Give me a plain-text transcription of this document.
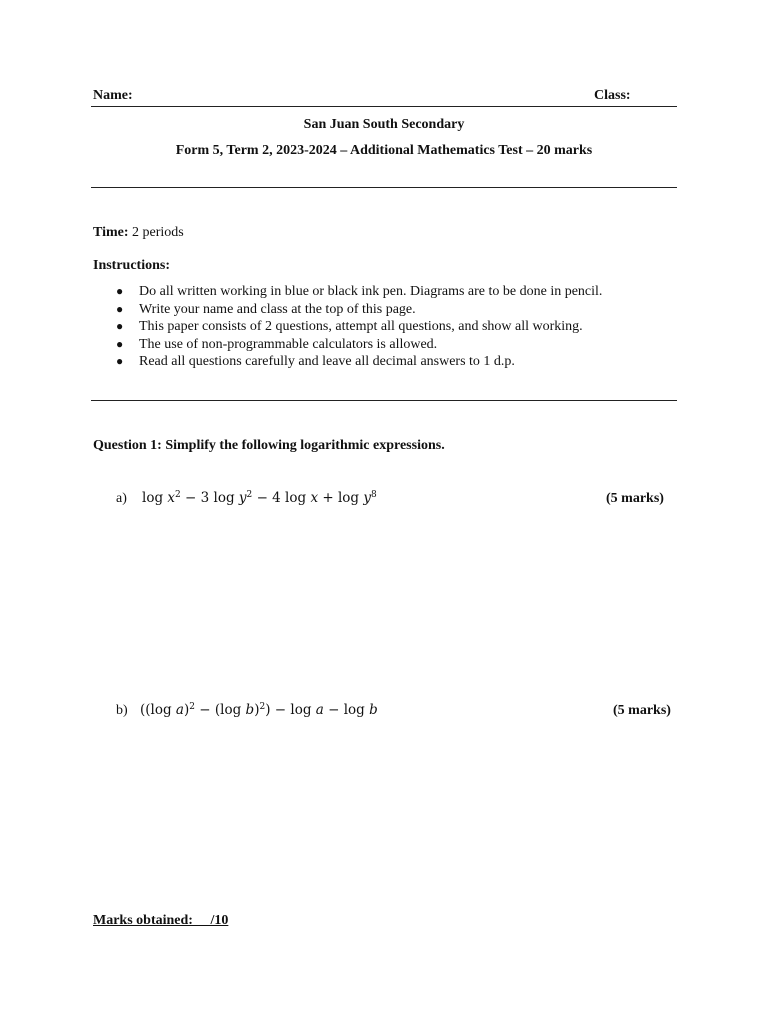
Name:	Class:
San Juan South Secondary
Form 5, Term 2, 2023-2024 – Additional Mathematics Test – 20 marks
Time: 2 periods
Instructions:
● Do all written working in blue or black ink pen. Diagrams are to be done in pencil.
● Write your name and class at the top of this page.
● This paper consists of 2 questions, attempt all questions, and show all working.
● The use of non-programmable calculators is allowed.
● Read all questions carefully and leave all decimal answers to 1 d.p.
Question 1: Simplify the following logarithmic expressions.
a) $\log x^2 - 3$ $\log y^2 - 4$ $\log x + \log y^8$	(5 marks)
b) ((log a)$^2$ − (log b)$^2$) − log a − log b	(5 marks)
Marks obtained:     /10
